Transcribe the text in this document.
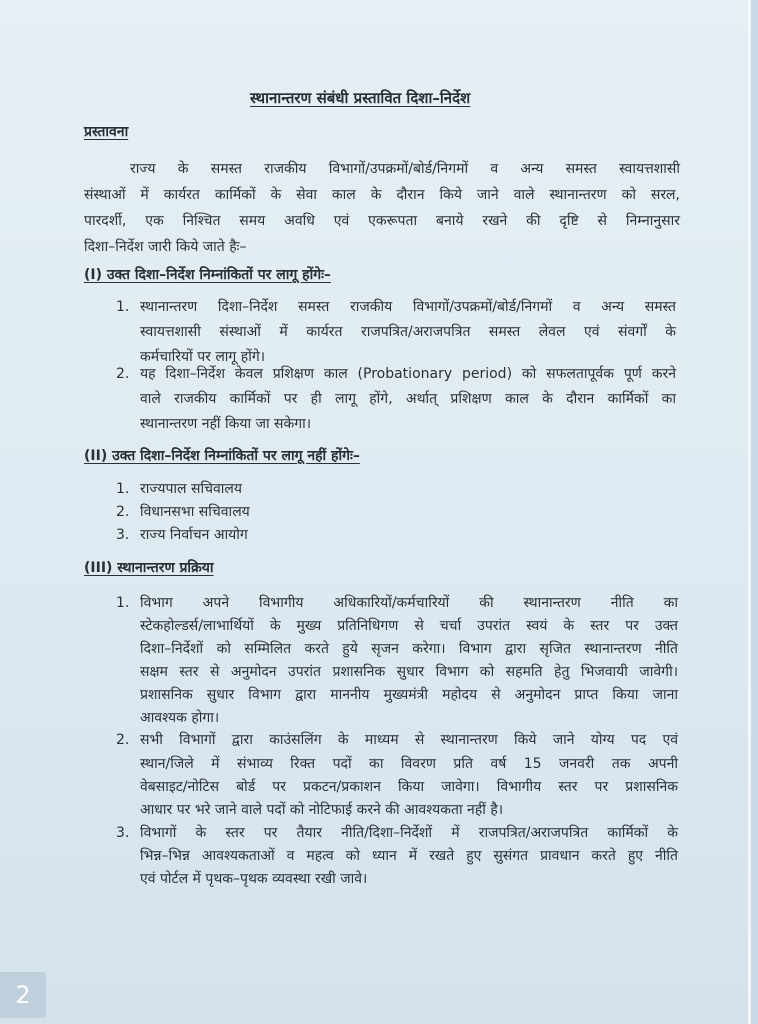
स्थानान्तरण संबंधी प्रस्तावित दिशा–निर्देश
प्रस्तावना
राज्य के समस्त राजकीय विभागों/उपक्रमों/बोर्ड/निगमों व अन्य समस्त स्वायत्तशासी
संस्थाओं में कार्यरत कार्मिकों के सेवा काल के दौरान किये जाने वाले स्थानान्तरण को सरल,
पारदर्शी, एक निश्चित समय अवधि एवं एकरूपता बनाये रखने की दृष्टि से निम्नानुसार
दिशा–निर्देश जारी किये जाते हैः–
(I) उक्त दिशा–निर्देश निम्नांकितों पर लागू होंगेः–
1. स्थानान्तरण दिशा–निर्देश समस्त राजकीय विभागों/उपक्रमों/बोर्ड/निगमों व अन्य समस्त
स्वायत्तशासी संस्थाओं में कार्यरत राजपत्रित/अराजपत्रित समस्त लेवल एवं संवर्गों के
कर्मचारियों पर लागू होंगे।
2. यह दिशा–निर्देश केवल प्रशिक्षण काल (Probationary period) को सफलतापूर्वक पूर्ण करने
वाले राजकीय कार्मिकों पर ही लागू होंगे, अर्थात् प्रशिक्षण काल के दौरान कार्मिकों का
स्थानान्तरण नहीं किया जा सकेगा।
(II) उक्त दिशा–निर्देश निम्नांकितों पर लागू नहीं होंगेः–
1. राज्यपाल सचिवालय
2. विधानसभा सचिवालय
3. राज्य निर्वाचन आयोग
(III) स्थानान्तरण प्रक्रिया
1. विभाग अपने विभागीय अधिकारियों/कर्मचारियों की स्थानान्तरण नीति का
स्टेकहोल्डर्स/लाभार्थियों के मुख्य प्रतिनिधिगण से चर्चा उपरांत स्वयं के स्तर पर उक्त
दिशा–निर्देशों को सम्मिलित करते हुये सृजन करेगा। विभाग द्वारा सृजित स्थानान्तरण नीति
सक्षम स्तर से अनुमोदन उपरांत प्रशासनिक सुधार विभाग को सहमति हेतु भिजवायी जावेगी।
प्रशासनिक सुधार विभाग द्वारा माननीय मुख्यमंत्री महोदय से अनुमोदन प्राप्त किया जाना
आवश्यक होगा।
2. सभी विभागों द्वारा काउंसलिंग के माध्यम से स्थानान्तरण किये जाने योग्य पद एवं
स्थान/जिले में संभाव्य रिक्त पदों का विवरण प्रति वर्ष 15 जनवरी तक अपनी
वेबसाइट/नोटिस बोर्ड पर प्रकटन/प्रकाशन किया जावेगा। विभागीय स्तर पर प्रशासनिक
आधार पर भरे जाने वाले पदों को नोटिफाई करने की आवश्यकता नहीं है।
3. विभागों के स्तर पर तैयार नीति/दिशा–निर्देशों में राजपत्रित/अराजपत्रित कार्मिकों के
भिन्न–भिन्न आवश्यकताओं व महत्व को ध्यान में रखते हुए सुसंगत प्रावधान करते हुए नीति
एवं पोर्टल में पृथक–पृथक व्यवस्था रखी जावे।
2
